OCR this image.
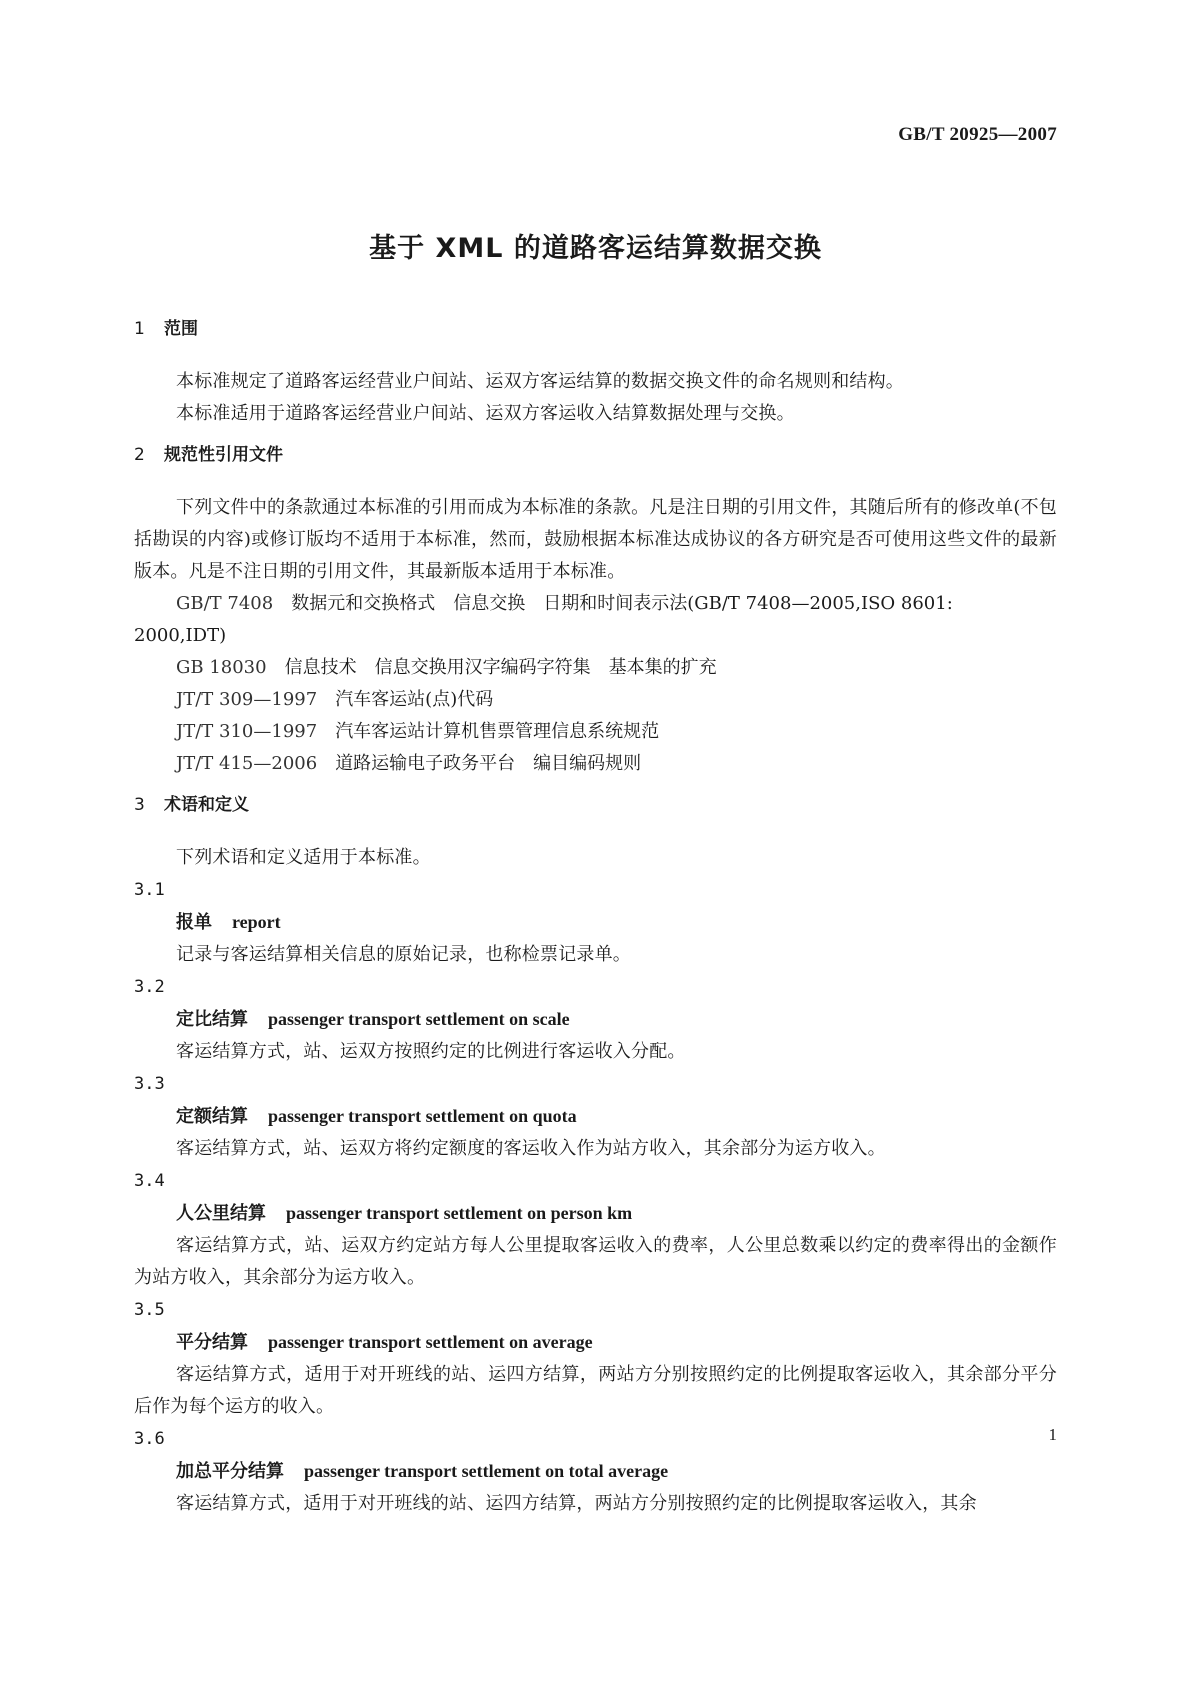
GB/T 20925—2007
基于 XML 的道路客运结算数据交换
1 范围

本标准规定了道路客运经营业户间站、运双方客运结算的数据交换文件的命名规则和结构。

本标准适用于道路客运经营业户间站、运双方客运收入结算数据处理与交换。

2 规范性引用文件

下列文件中的条款通过本标准的引用而成为本标准的条款。凡是注日期的引用文件，其随后所有的修改单(不包括勘误的内容)或修订版均不适用于本标准，然而，鼓励根据本标准达成协议的各方研究是否可使用这些文件的最新版本。凡是不注日期的引用文件，其最新版本适用于本标准。

GB/T 7408 数据元和交换格式　信息交换　日期和时间表示法(GB/T 7408—2005,ISO 8601:

2000,IDT)

GB 18030 信息技术　信息交换用汉字编码字符集　基本集的扩充

JT/T 309—1997 汽车客运站(点)代码

JT/T 310—1997 汽车客运站计算机售票管理信息系统规范

JT/T 415—2006 道路运输电子政务平台　编目编码规则

3 术语和定义

下列术语和定义适用于本标准。

3.1

报单 report

记录与客运结算相关信息的原始记录，也称检票记录单。

3.2

定比结算 passenger transport settlement on scale

客运结算方式，站、运双方按照约定的比例进行客运收入分配。

3.3

定额结算 passenger transport settlement on quota

客运结算方式，站、运双方将约定额度的客运收入作为站方收入，其余部分为运方收入。

3.4

人公里结算 passenger transport settlement on person km

客运结算方式，站、运双方约定站方每人公里提取客运收入的费率，人公里总数乘以约定的费率得出的金额作为站方收入，其余部分为运方收入。

3.5

平分结算 passenger transport settlement on average

客运结算方式，适用于对开班线的站、运四方结算，两站方分别按照约定的比例提取客运收入，其余部分平分后作为每个运方的收入。

3.6

加总平分结算 passenger transport settlement on total average

客运结算方式，适用于对开班线的站、运四方结算，两站方分别按照约定的比例提取客运收入，其余

1
